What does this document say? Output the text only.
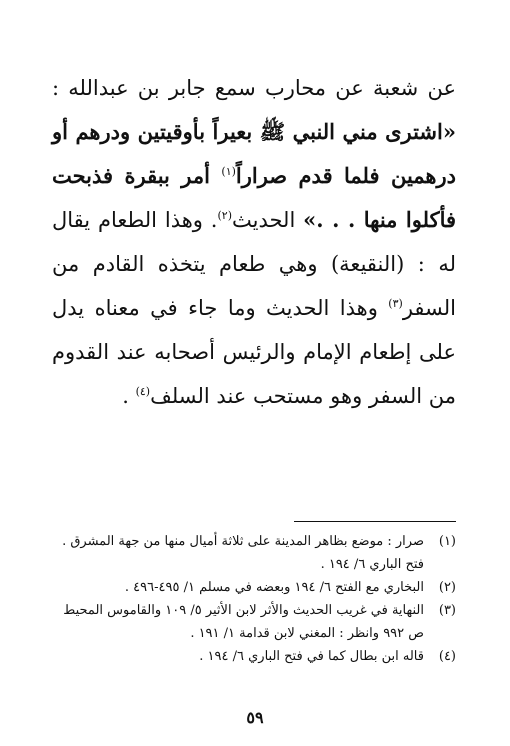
عن شعبة عن محارب سمع جابر بن عبدالله : «اشترى مني النبي ﷺ بعيراً بأوقيتين ودرهم أو درهمين فلما قدم صراراً$^{(١)}$ أمر ببقرة فذبحت فأكلوا منها . . .» الحديث$^{(٢)}$. وهذا الطعام يقال له : (النقيعة) وهي طعام يتخذه القادم من السفر$^{(٣)}$ وهذا الحديث وما جاء في معناه يدل على إطعام الإمام والرئيس أصحابه عند القدوم من السفر وهو مستحب عند السلف$^{(٤)}$ .

(١)
صرار : موضع بظاهر المدينة على ثلاثة أميال منها من جهة المشرق . فتح الباري ٦/ ١٩٤ .
(٢)
البخاري مع الفتح ٦/ ١٩٤ وبعضه في مسلم ١/ ٤٩٥-٤٩٦ .
(٣)
النهاية في غريب الحديث والأثر لابن الأثير ٥/ ١٠٩ والقاموس المحيط ص ٩٩٢ وانظر : المغني لابن قدامة ١/ ١٩١ .
(٤)
قاله ابن بطال كما في فتح الباري ٦/ ١٩٤ .
٥٩
